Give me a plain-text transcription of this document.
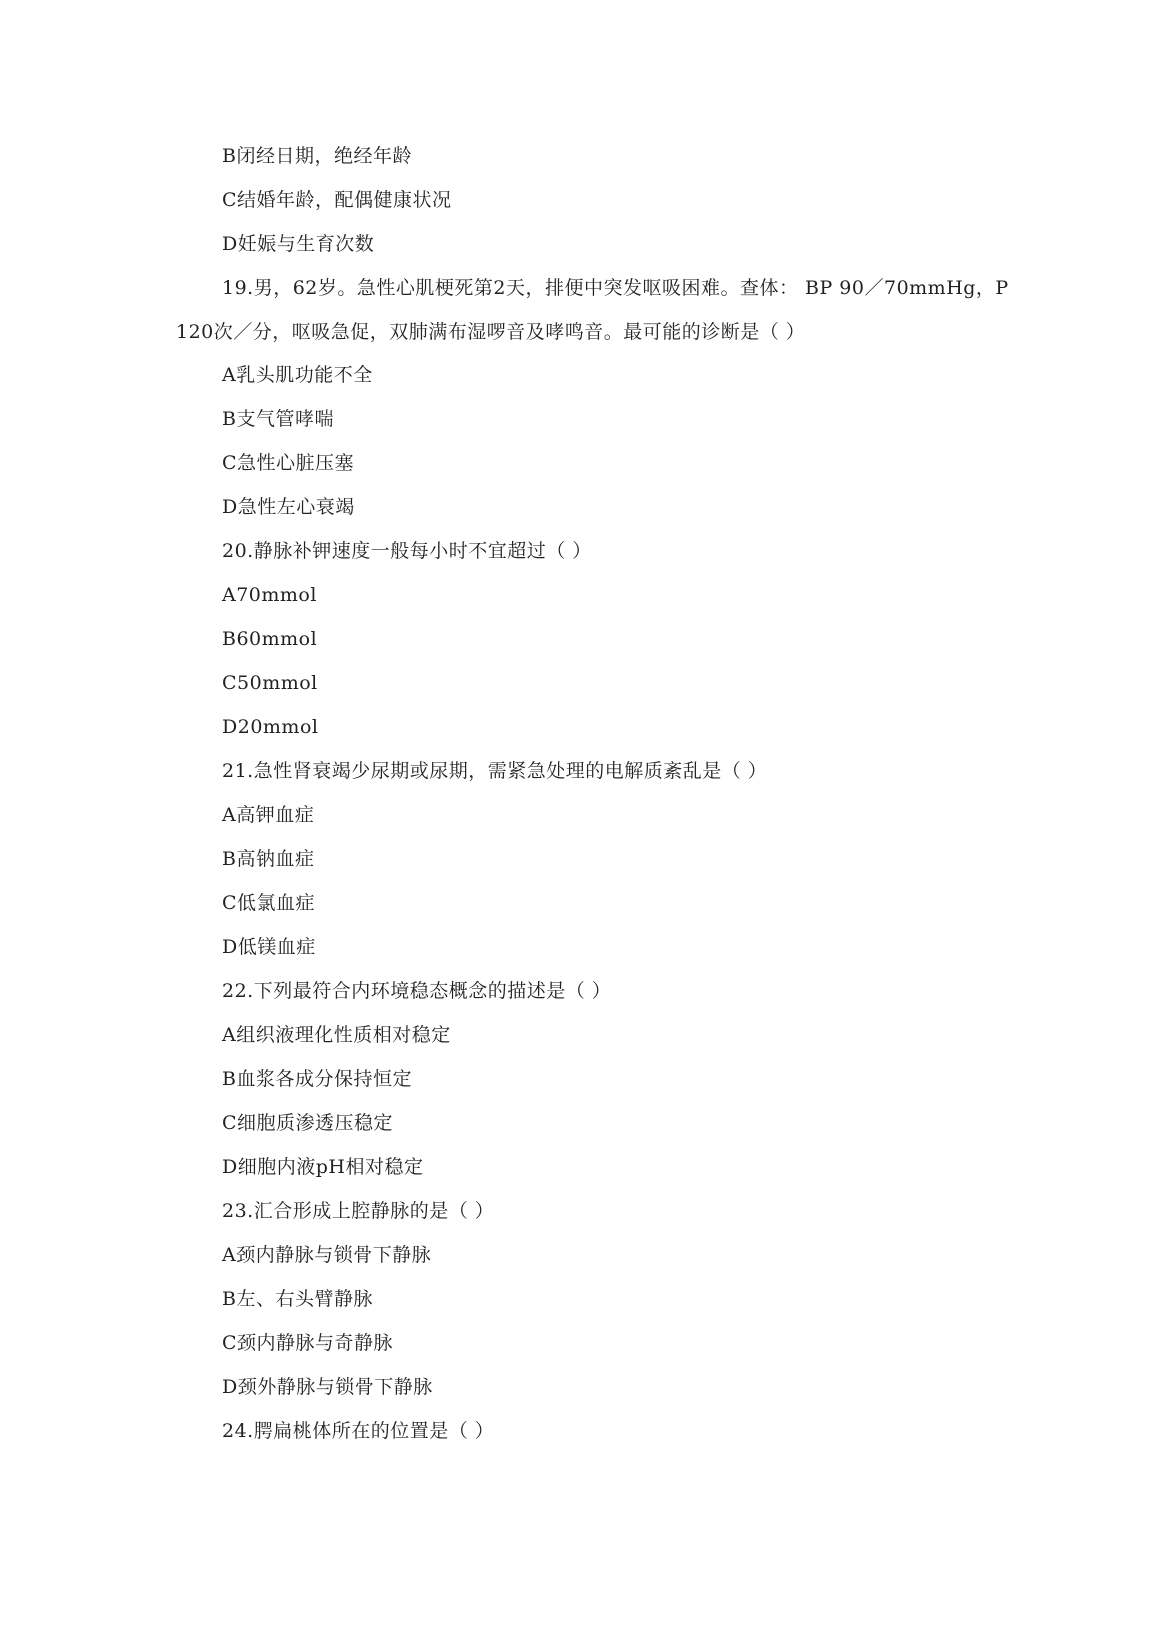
B闭经日期，绝经年龄
C结婚年龄，配偶健康状况
D妊娠与生育次数
19.男，62岁。急性心肌梗死第2天，排便中突发呕吸困难。查体： BP 90／70mmHg，P
120次／分，呕吸急促，双肺满布湿啰音及哮鸣音。最可能的诊断是（ ）
A乳头肌功能不全
B支气管哮喘
C急性心脏压塞
D急性左心衰竭
20.静脉补钾速度一般每小时不宜超过（ ）
A70mmol
B60mmol
C50mmol
D20mmol
21.急性肾衰竭少尿期或尿期，需紧急处理的电解质紊乱是（ ）
A高钾血症
B高钠血症
C低氯血症
D低镁血症
22.下列最符合内环境稳态概念的描述是（ ）
A组织液理化性质相对稳定
B血浆各成分保持恒定
C细胞质渗透压稳定
D细胞内液pH相对稳定
23.汇合形成上腔静脉的是（ ）
A颈内静脉与锁骨下静脉
B左、右头臂静脉
C颈内静脉与奇静脉
D颈外静脉与锁骨下静脉
24.腭扁桃体所在的位置是（ ）
